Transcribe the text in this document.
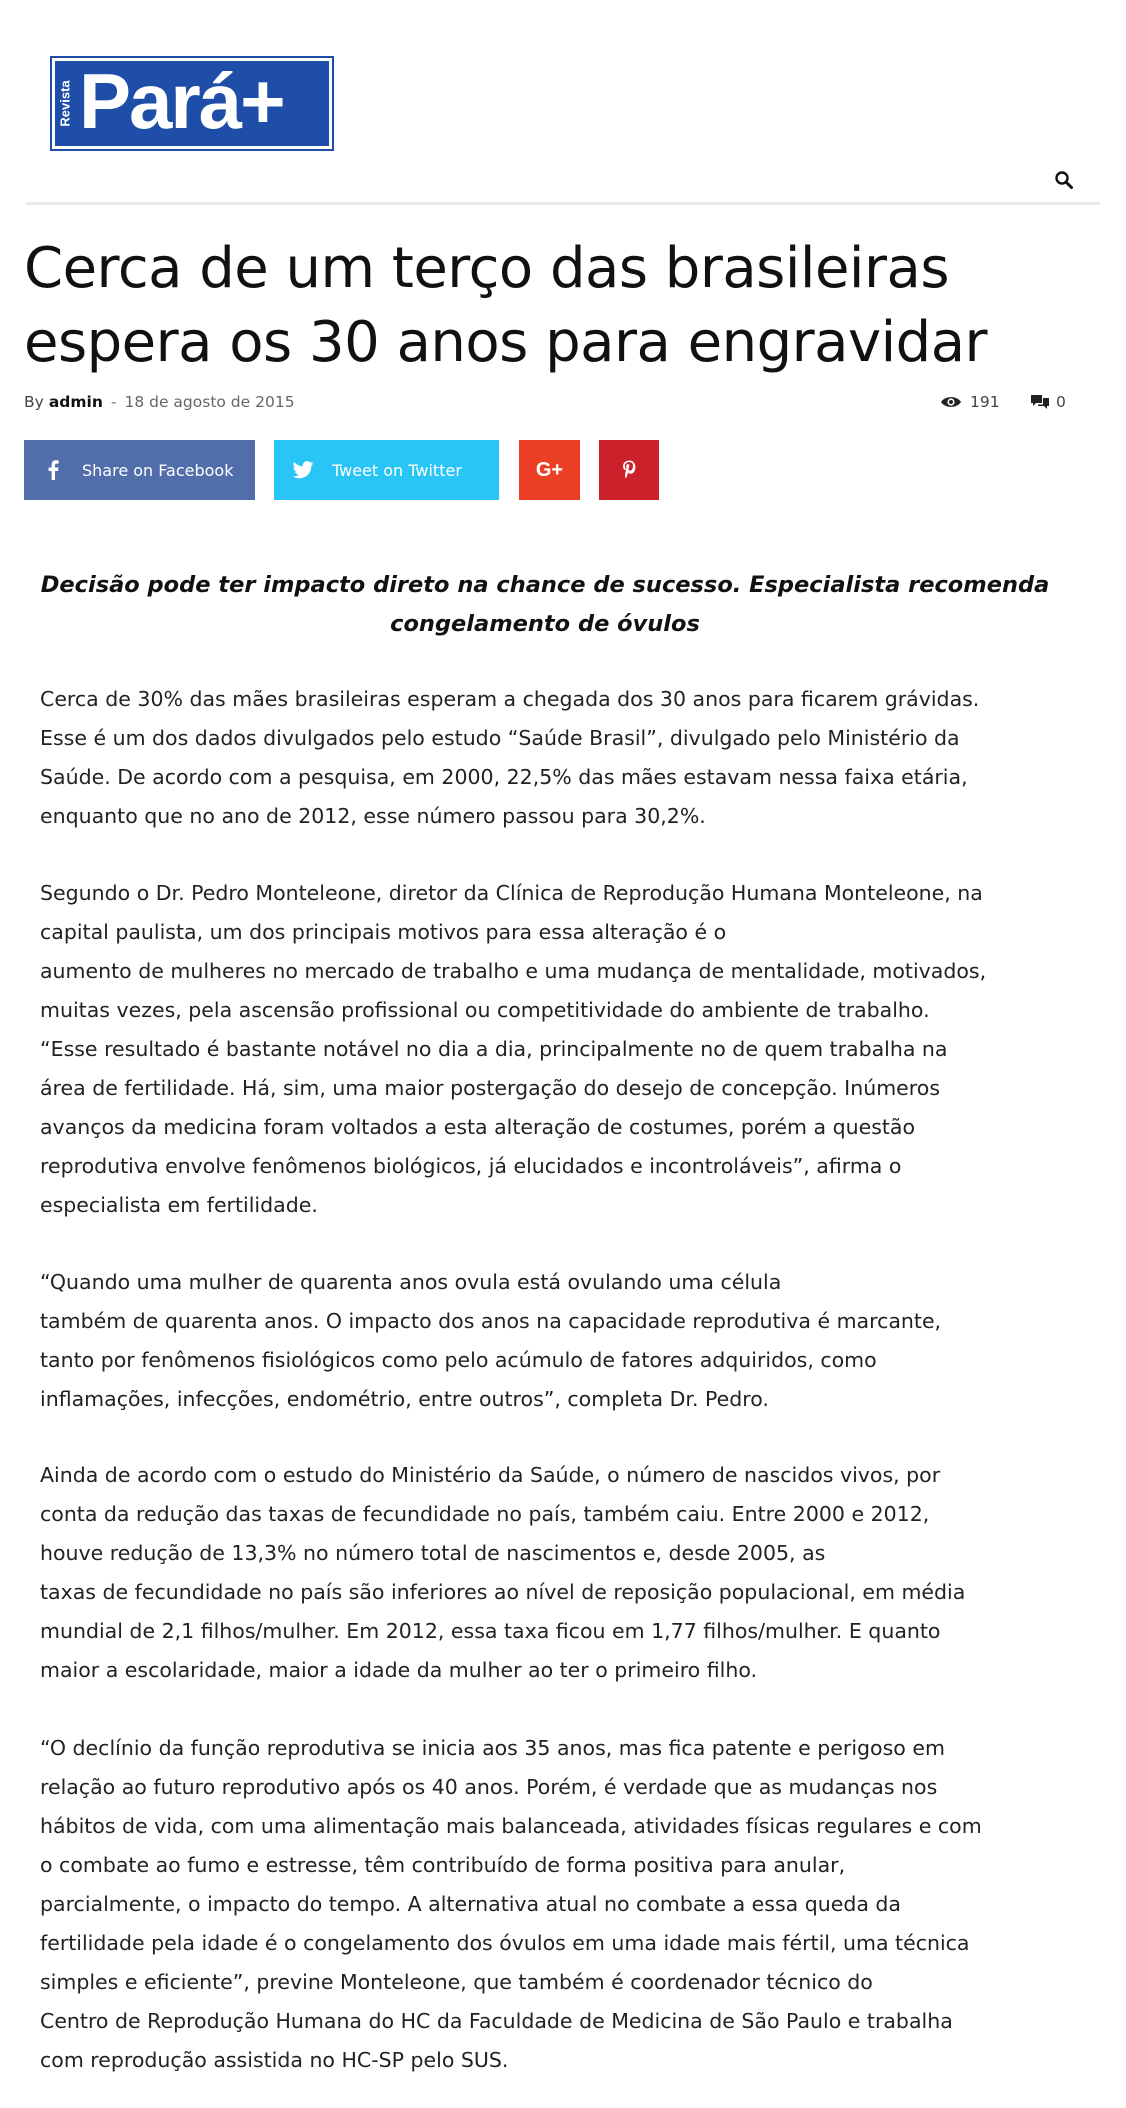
Revista Pará+
Cerca de um terço das brasileiras
espera os 30 anos para engravidar
By admin - 18 de agosto de 2015	191	0
Share on Facebook	Tweet on Twitter	G+

Decisão pode ter impacto direto na chance de sucesso. Especialista recomenda
congelamento de óvulos

Cerca de 30% das mães brasileiras esperam a chegada dos 30 anos para ficarem grávidas.
Esse é um dos dados divulgados pelo estudo “Saúde Brasil”, divulgado pelo Ministério da
Saúde. De acordo com a pesquisa, em 2000, 22,5% das mães estavam nessa faixa etária,
enquanto que no ano de 2012, esse número passou para 30,2%.

Segundo o Dr. Pedro Monteleone, diretor da Clínica de Reprodução Humana Monteleone, na
capital paulista, um dos principais motivos para essa alteração é o
aumento de mulheres no mercado de trabalho e uma mudança de mentalidade, motivados,
muitas vezes, pela ascensão profissional ou competitividade do ambiente de trabalho.
“Esse resultado é bastante notável no dia a dia, principalmente no de quem trabalha na
área de fertilidade. Há, sim, uma maior postergação do desejo de concepção. Inúmeros
avanços da medicina foram voltados a esta alteração de costumes, porém a questão
reprodutiva envolve fenômenos biológicos, já elucidados e incontroláveis”, afirma o
especialista em fertilidade.

“Quando uma mulher de quarenta anos ovula está ovulando uma célula
também de quarenta anos. O impacto dos anos na capacidade reprodutiva é marcante,
tanto por fenômenos fisiológicos como pelo acúmulo de fatores adquiridos, como
inflamações, infecções, endométrio, entre outros”, completa Dr. Pedro.

Ainda de acordo com o estudo do Ministério da Saúde, o número de nascidos vivos, por
conta da redução das taxas de fecundidade no país, também caiu. Entre 2000 e 2012,
houve redução de 13,3% no número total de nascimentos e, desde 2005, as
taxas de fecundidade no país são inferiores ao nível de reposição populacional, em média
mundial de 2,1 filhos/mulher. Em 2012, essa taxa ficou em 1,77 filhos/mulher. E quanto
maior a escolaridade, maior a idade da mulher ao ter o primeiro filho.

“O declínio da função reprodutiva se inicia aos 35 anos, mas fica patente e perigoso em
relação ao futuro reprodutivo após os 40 anos. Porém, é verdade que as mudanças nos
hábitos de vida, com uma alimentação mais balanceada, atividades físicas regulares e com
o combate ao fumo e estresse, têm contribuído de forma positiva para anular,
parcialmente, o impacto do tempo. A alternativa atual no combate a essa queda da
fertilidade pela idade é o congelamento dos óvulos em uma idade mais fértil, uma técnica
simples e eficiente”, previne Monteleone, que também é coordenador técnico do
Centro de Reprodução Humana do HC da Faculdade de Medicina de São Paulo e trabalha
com reprodução assistida no HC-SP pelo SUS.
